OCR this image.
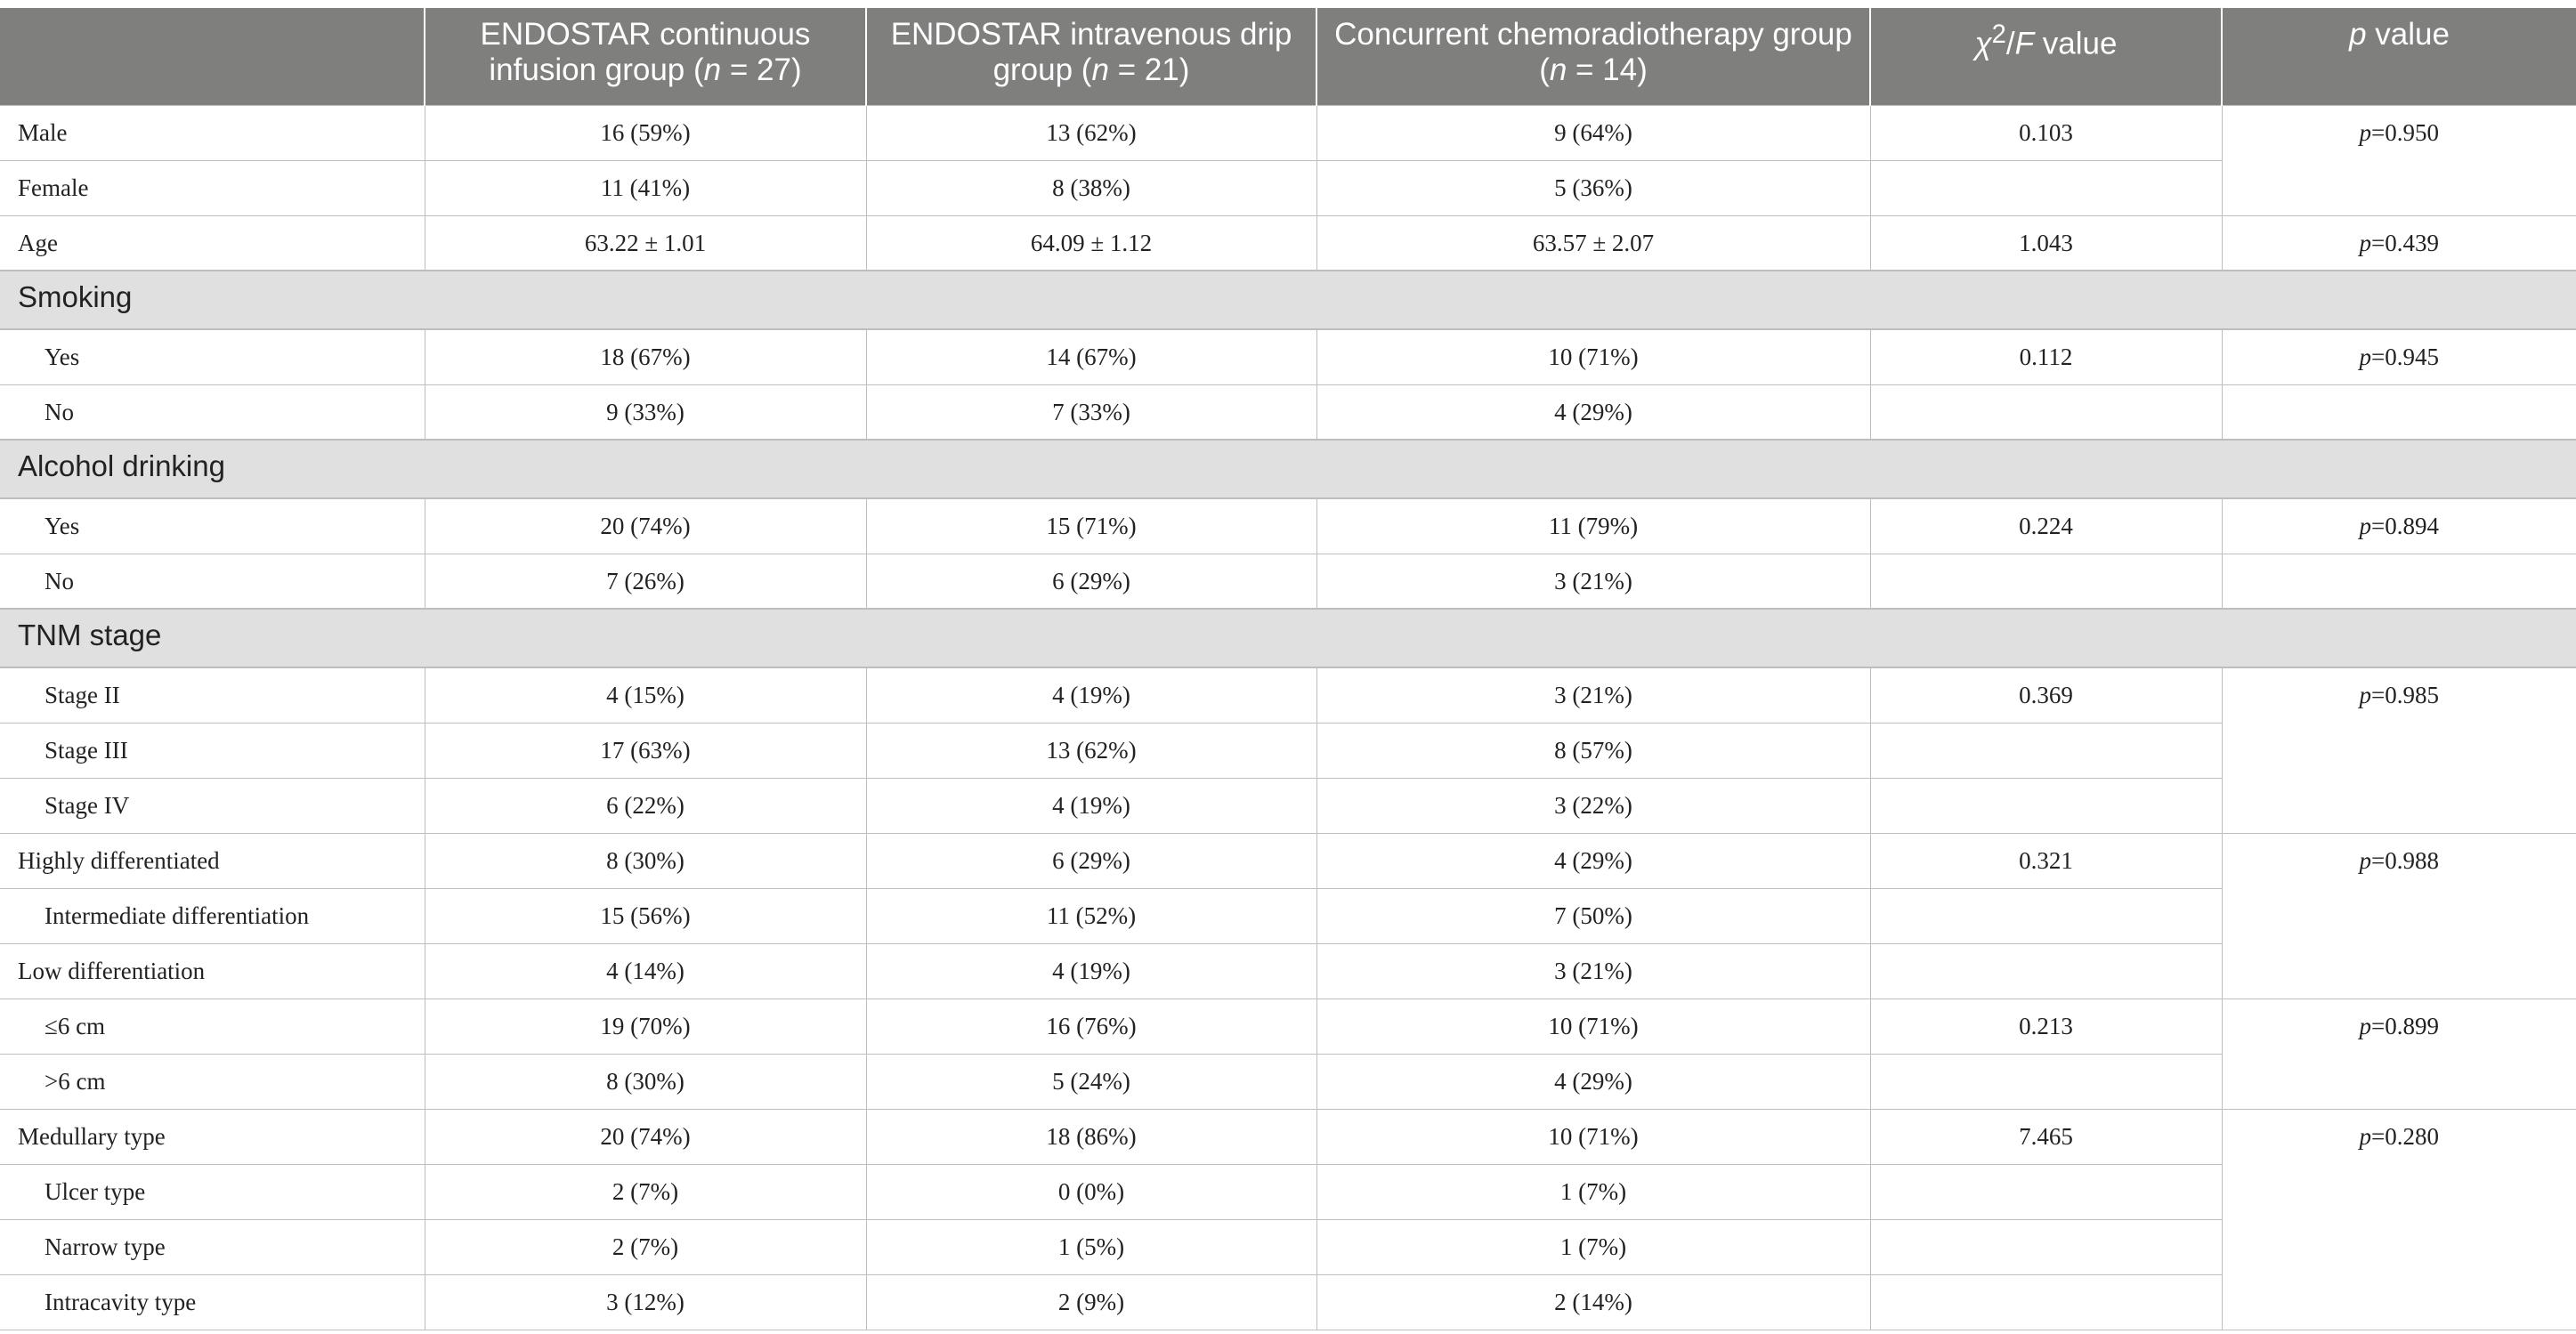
	ENDOSTAR continuous infusion group (n = 27)	ENDOSTAR intravenous drip group (n = 21)	Concurrent chemoradiotherapy group (n = 14)	$\chi^2/F$ value	p value
Male	16 (59%)	13 (62%)	9 (64%)	0.103	p=0.950
Female	11 (41%)	8 (38%)	5 (36%)		
Age	63.22 ± 1.01	64.09 ± 1.12	63.57 ± 2.07	1.043	p=0.439
Smoking					
Yes	18 (67%)	14 (67%)	10 (71%)	0.112	p=0.945
No	9 (33%)	7 (33%)	4 (29%)		
Alcohol drinking					
Yes	20 (74%)	15 (71%)	11 (79%)	0.224	p=0.894
No	7 (26%)	6 (29%)	3 (21%)		
TNM stage					
Stage II	4 (15%)	4 (19%)	3 (21%)	0.369	p=0.985
Stage III	17 (63%)	13 (62%)	8 (57%)		
Stage IV	6 (22%)	4 (19%)	3 (22%)		
Highly differentiated	8 (30%)	6 (29%)	4 (29%)	0.321	p=0.988
Intermediate differentiation	15 (56%)	11 (52%)	7 (50%)		
Low differentiation	4 (14%)	4 (19%)	3 (21%)		
≤6 cm	19 (70%)	16 (76%)	10 (71%)	0.213	p=0.899
>6 cm	8 (30%)	5 (24%)	4 (29%)		
Medullary type	20 (74%)	18 (86%)	10 (71%)	7.465	p=0.280
Ulcer type	2 (7%)	0 (0%)	1 (7%)		
Narrow type	2 (7%)	1 (5%)	1 (7%)		
Intracavity type	3 (12%)	2 (9%)	2 (14%)		
